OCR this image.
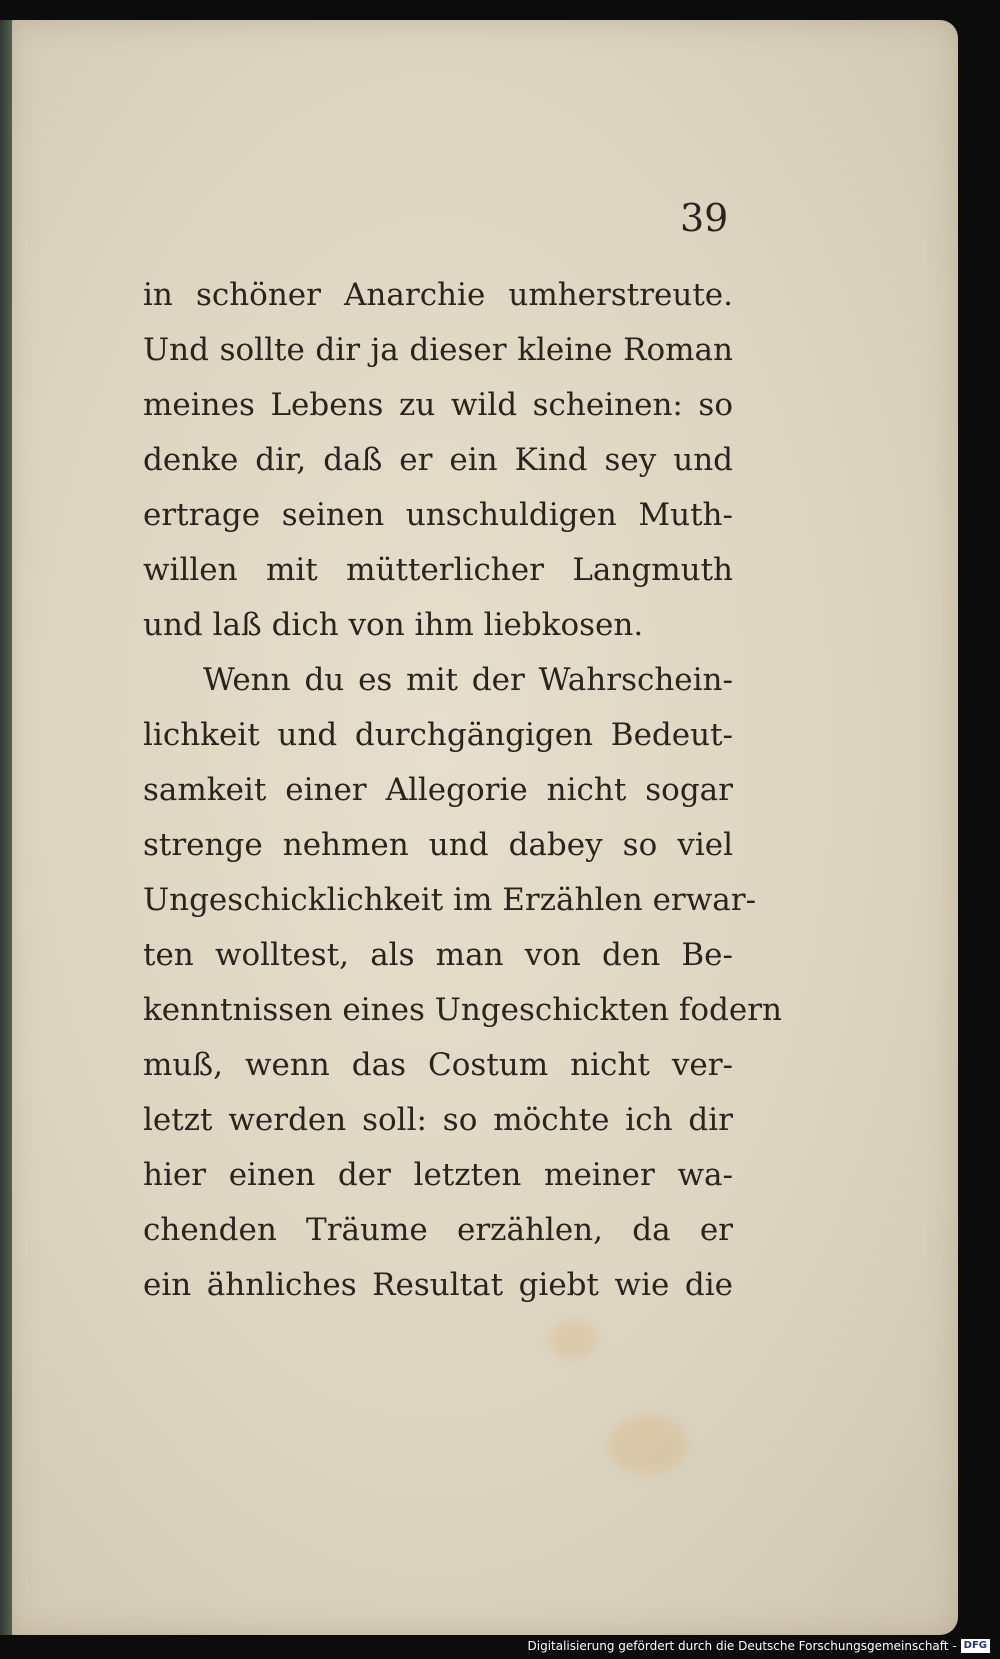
39
in schöner Anarchie umherstreute.
Und sollte dir ja dieser kleine Roman
meines Lebens zu wild scheinen: so
denke dir, daß er ein Kind sey und
ertrage seinen unschuldigen Muth-
willen mit mütterlicher Langmuth
und laß dich von ihm liebkosen.
Wenn du es mit der Wahrschein-
lichkeit und durchgängigen Bedeut-
samkeit einer Allegorie nicht sogar
strenge nehmen und dabey so viel
Ungeschicklichkeit im Erzählen erwar-
ten wolltest, als man von den Be-
kenntnissen eines Ungeschickten fodern
muß, wenn das Costum nicht ver-
letzt werden soll: so möchte ich dir
hier einen der letzten meiner wa-
chenden Träume erzählen, da er
ein ähnliches Resultat giebt wie die
Digitalisierung gefördert durch die Deutsche Forschungsgemeinschaft - DFG
